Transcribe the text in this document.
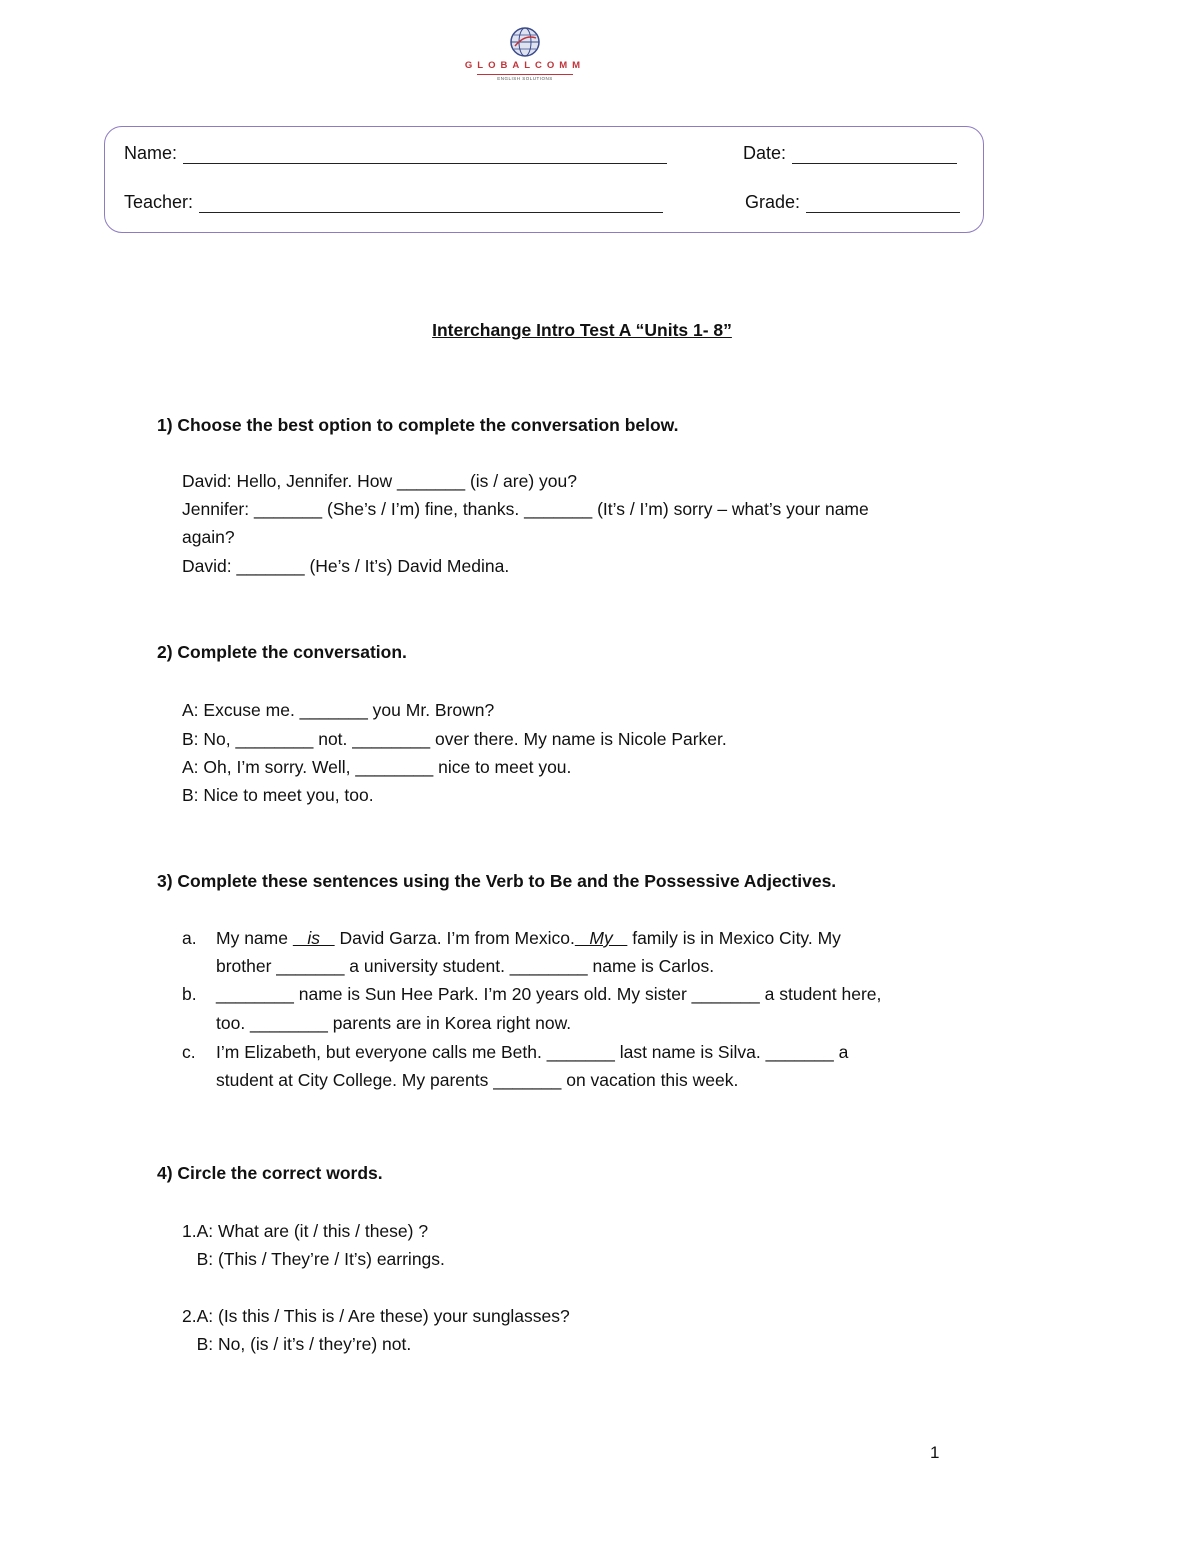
GLOBALCOMM
ENGLISH SOLUTIONS
Name:	Date:
Teacher:	Grade:
Interchange Intro Test A “Units 1- 8”
1) Choose the best option to complete the conversation below.
David: Hello, Jennifer. How _______ (is / are) you?
Jennifer: _______ (She’s / I’m) fine, thanks. _______ (It’s / I’m) sorry – what’s your name
again?
David: _______ (He’s / It’s) David Medina.
2) Complete the conversation.
A: Excuse me. _______ you Mr. Brown?
B: No, ________ not. ________ over there. My name is Nicole Parker.
A: Oh, I’m sorry. Well, ________ nice to meet you.
B: Nice to meet you, too.
3) Complete these sentences using the Verb to Be and the Possessive Adjectives.
a. My name    is    David Garza. I’m from Mexico.   My    family is in Mexico City. My
brother _______ a university student. ________ name is Carlos.
b. ________ name is Sun Hee Park. I’m 20 years old. My sister _______ a student here,
too. ________ parents are in Korea right now.
c. I’m Elizabeth, but everyone calls me Beth. _______ last name is Silva. _______ a
student at City College. My parents _______ on vacation this week.
4) Circle the correct words.
1.A: What are (it / this / these) ?
B: (This / They’re / It’s) earrings.
2.A: (Is this / This is / Are these) your sunglasses?
B: No, (is / it’s / they’re) not.
1
